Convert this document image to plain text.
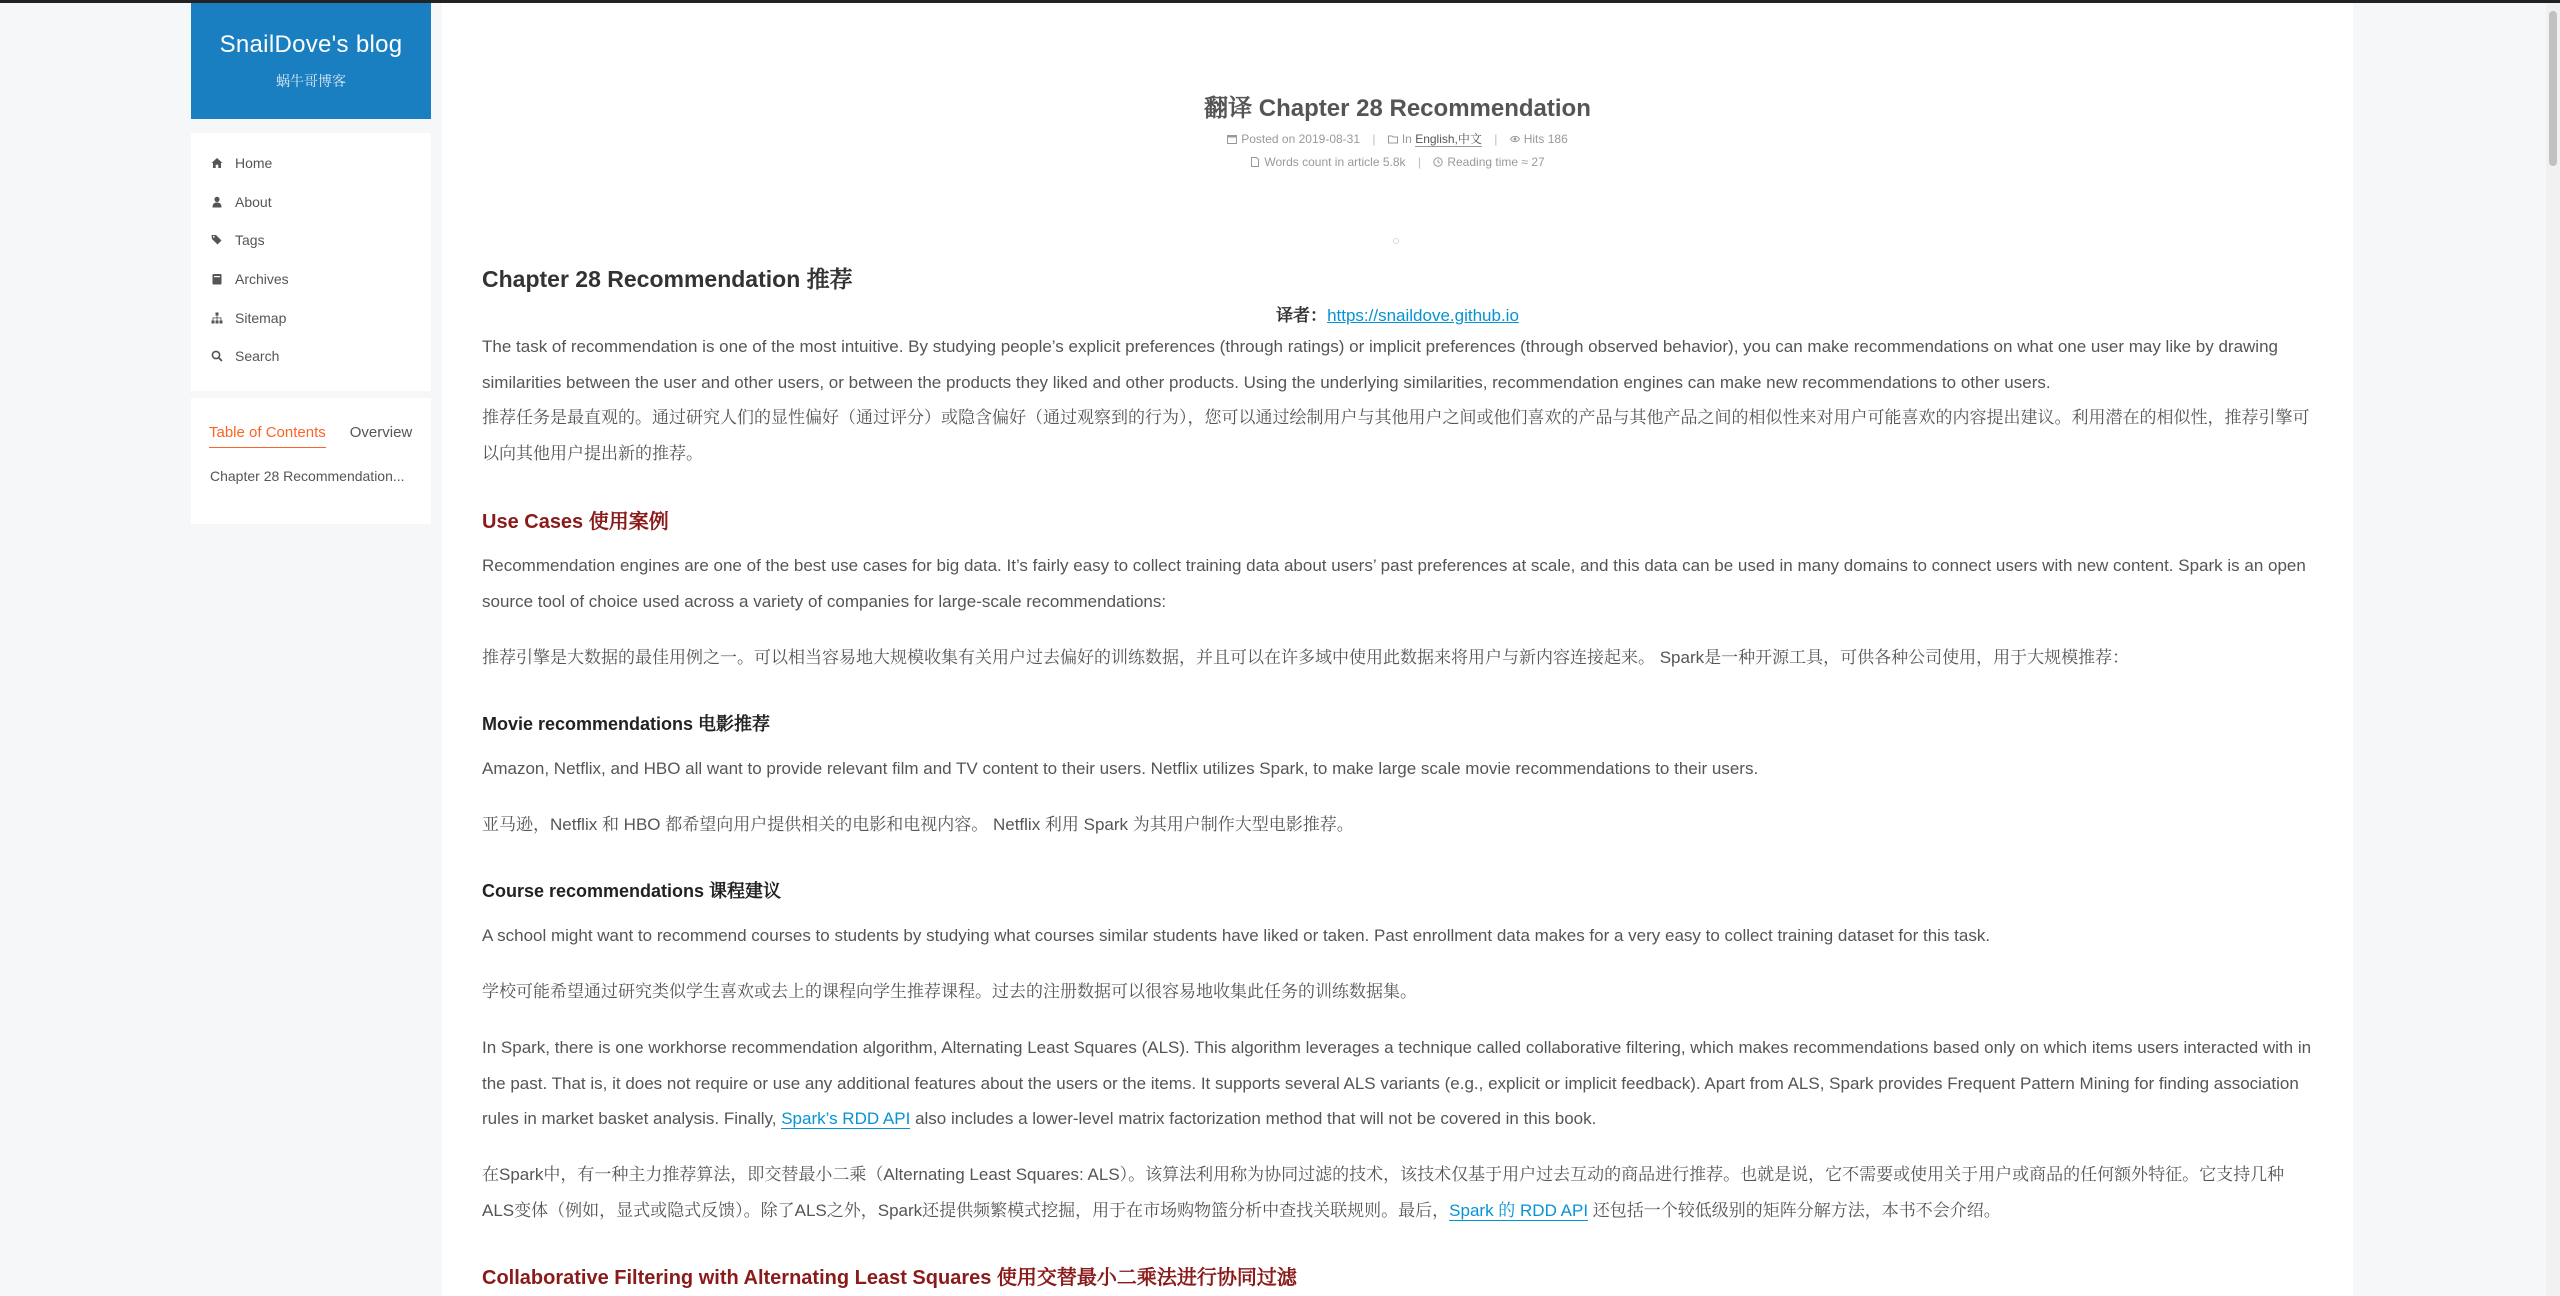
SnailDove's blog
蜗牛哥博客
Home
About
Tags
Archives
Sitemap
Search
Table of Contents Overview
Chapter 28 Recommendation...
翻译 Chapter 28 Recommendation
Posted on 2019-08-31 | In English,中文 | Hits 186
Words count in article 5.8k | Reading time ≈ 27
Chapter 28 Recommendation 推荐
译者：https://snaildove.github.io

The task of recommendation is one of the most intuitive. By studying people’s explicit preferences (through ratings) or implicit preferences (through observed behavior), you can make recommendations on what one user may like by drawing similarities between the user and other users, or between the products they liked and other products. Using the underlying similarities, recommendation engines can make new recommendations to other users.

推荐任务是最直观的。通过研究人们的显性偏好（通过评分）或隐含偏好（通过观察到的行为），您可以通过绘制用户与其他用户之间或他们喜欢的产品与其他产品之间的相似性来对用户可能喜欢的内容提出建议。利用潜在的相似性，推荐引擎可以向其他用户提出新的推荐。

Use Cases 使用案例

Recommendation engines are one of the best use cases for big data. It’s fairly easy to collect training data about users’ past preferences at scale, and this data can be used in many domains to connect users with new content. Spark is an open source tool of choice used across a variety of companies for large-scale recommendations:

推荐引擎是大数据的最佳用例之一。可以相当容易地大规模收集有关用户过去偏好的训练数据，并且可以在许多域中使用此数据来将用户与新内容连接起来。 Spark是一种开源工具，可供各种公司使用，用于大规模推荐：

Movie recommendations 电影推荐

Amazon, Netflix, and HBO all want to provide relevant film and TV content to their users. Netflix utilizes Spark, to make large scale movie recommendations to their users.

亚马逊，Netflix 和 HBO 都希望向用户提供相关的电影和电视内容。 Netflix 利用 Spark 为其用户制作大型电影推荐。

Course recommendations 课程建议

A school might want to recommend courses to students by studying what courses similar students have liked or taken. Past enrollment data makes for a very easy to collect training dataset for this task.

学校可能希望通过研究类似学生喜欢或去上的课程向学生推荐课程。过去的注册数据可以很容易地收集此任务的训练数据集。

In Spark, there is one workhorse recommendation algorithm, Alternating Least Squares (ALS). This algorithm leverages a technique called collaborative filtering, which makes recommendations based only on which items users interacted with in the past. That is, it does not require or use any additional features about the users or the items. It supports several ALS variants (e.g., explicit or implicit feedback). Apart from ALS, Spark provides Frequent Pattern Mining for finding association rules in market basket analysis. Finally, Spark’s RDD API also includes a lower-level matrix factorization method that will not be covered in this book.

在Spark中，有一种主力推荐算法，即交替最小二乘（Alternating Least Squares: ALS）。该算法利用称为协同过滤的技术，该技术仅基于用户过去互动的商品进行推荐。也就是说，它不需要或使用关于用户或商品的任何额外特征。它支持几种ALS变体（例如，显式或隐式反馈）。除了ALS之外，Spark还提供频繁模式挖掘，用于在市场购物篮分析中查找关联规则。最后，Spark 的 RDD API 还包括一个较低级别的矩阵分解方法，本书不会介绍。

Collaborative Filtering with Alternating Least Squares 使用交替最小二乘法进行协同过滤
